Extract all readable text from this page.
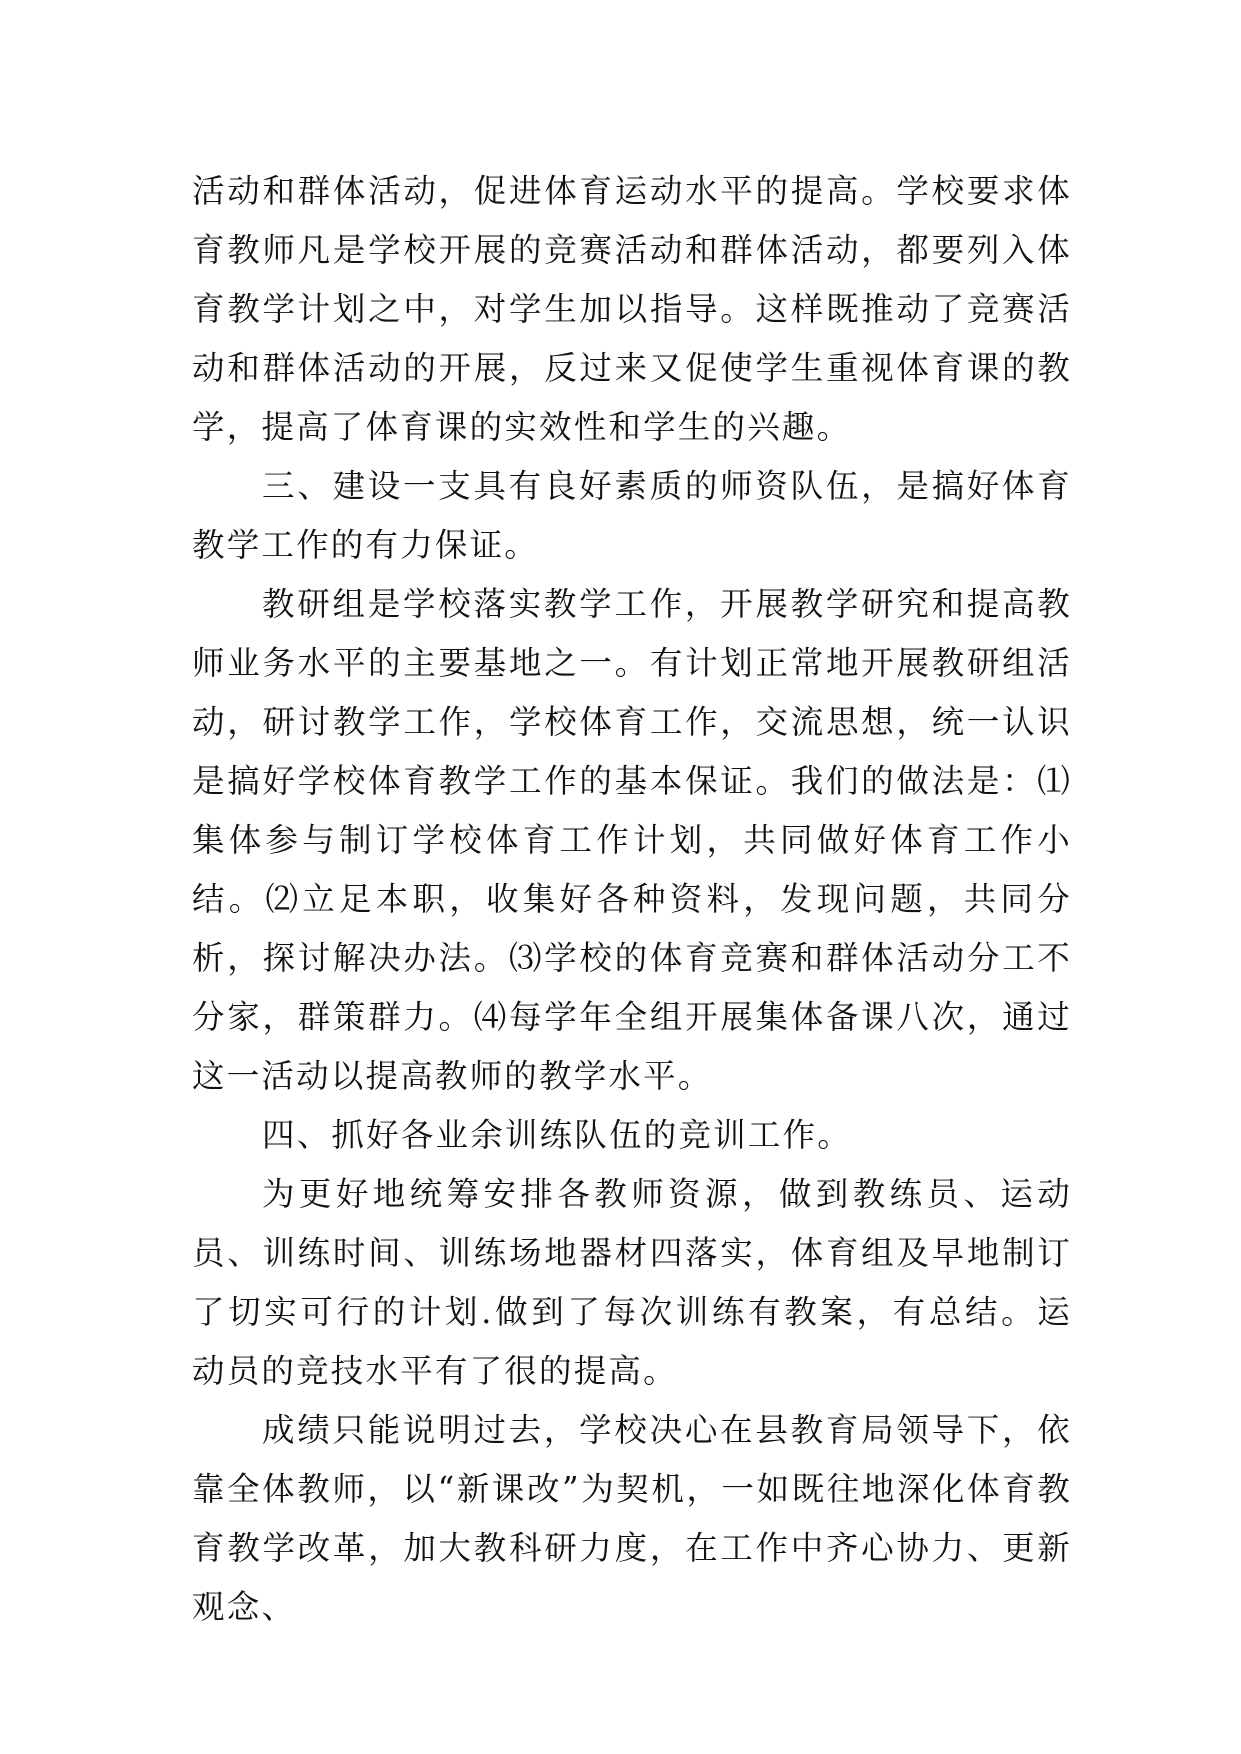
活动和群体活动，促进体育运动水平的提高。学校要求体育教师凡是学校开展的竞赛活动和群体活动，都要列入体育教学计划之中，对学生加以指导。这样既推动了竞赛活动和群体活动的开展，反过来又促使学生重视体育课的教学，提高了体育课的实效性和学生的兴趣。

三、建设一支具有良好素质的师资队伍，是搞好体育教学工作的有力保证。

教研组是学校落实教学工作，开展教学研究和提高教师业务水平的主要基地之一。有计划正常地开展教研组活动，研讨教学工作，学校体育工作，交流思想，统一认识是搞好学校体育教学工作的基本保证。我们的做法是：⑴集体参与制订学校体育工作计划，共同做好体育工作小结。⑵立足本职，收集好各种资料，发现问题，共同分析，探讨解决办法。⑶学校的体育竞赛和群体活动分工不分家，群策群力。⑷每学年全组开展集体备课八次，通过这一活动以提高教师的教学水平。

四、抓好各业余训练队伍的竞训工作。

为更好地统筹安排各教师资源，做到教练员、运动员、训练时间、训练场地器材四落实，体育组及早地制订了切实可行的计划.做到了每次训练有教案，有总结。运动员的竞技水平有了很的提高。

成绩只能说明过去，学校决心在县教育局领导下，依靠全体教师，以“新课改”为契机，一如既往地深化体育教育教学改革，加大教科研力度，在工作中齐心协力、更新观念、
